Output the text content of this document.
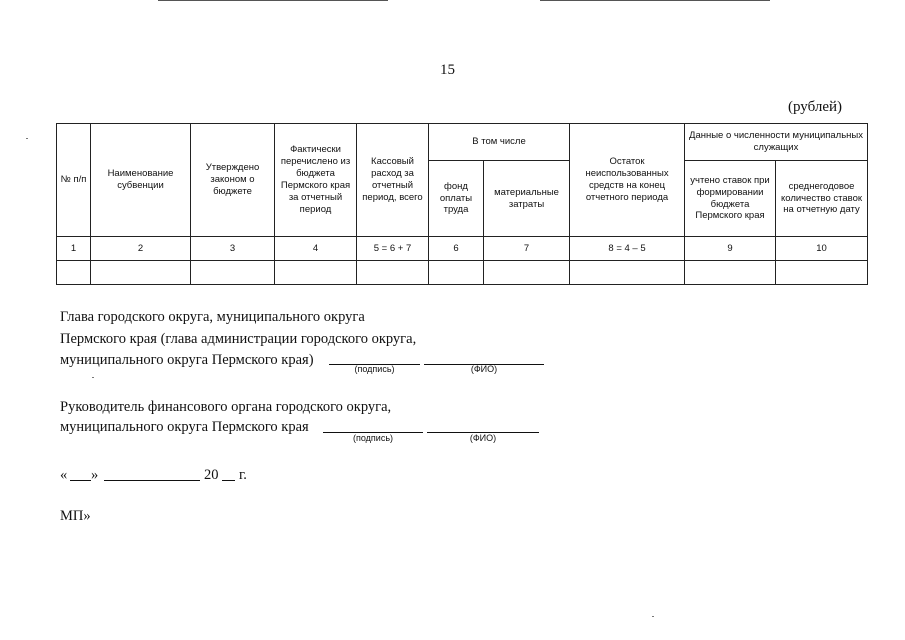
15
(рублей)
№ п/п	Наименование субвенции	Утверждено законом о бюджете	Фактически перечислено из бюджета Пермского края за отчетный период	Кассовый расход за отчетный период, всего	В том числе		Остаток неиспользованных средств на конец отчетного периода	Данные о численности муниципальных служащих	
					фонд оплаты труда	материальные затраты		учтено ставок при формировании бюджета Пермского края	среднегодовое количество ставок на отчетную дату
1	2	3	4	5 = 6 + 7	6	7	8 = 4 – 5	9	10

Глава городского округа, муниципального округа
Пермского края (глава администрации городского округа,
муниципального округа Пермского края)
(подпись)	(ФИО)
Руководитель финансового органа городского округа,
муниципального округа Пермского края
(подпись)	(ФИО)
« »	20 г.
МП»
